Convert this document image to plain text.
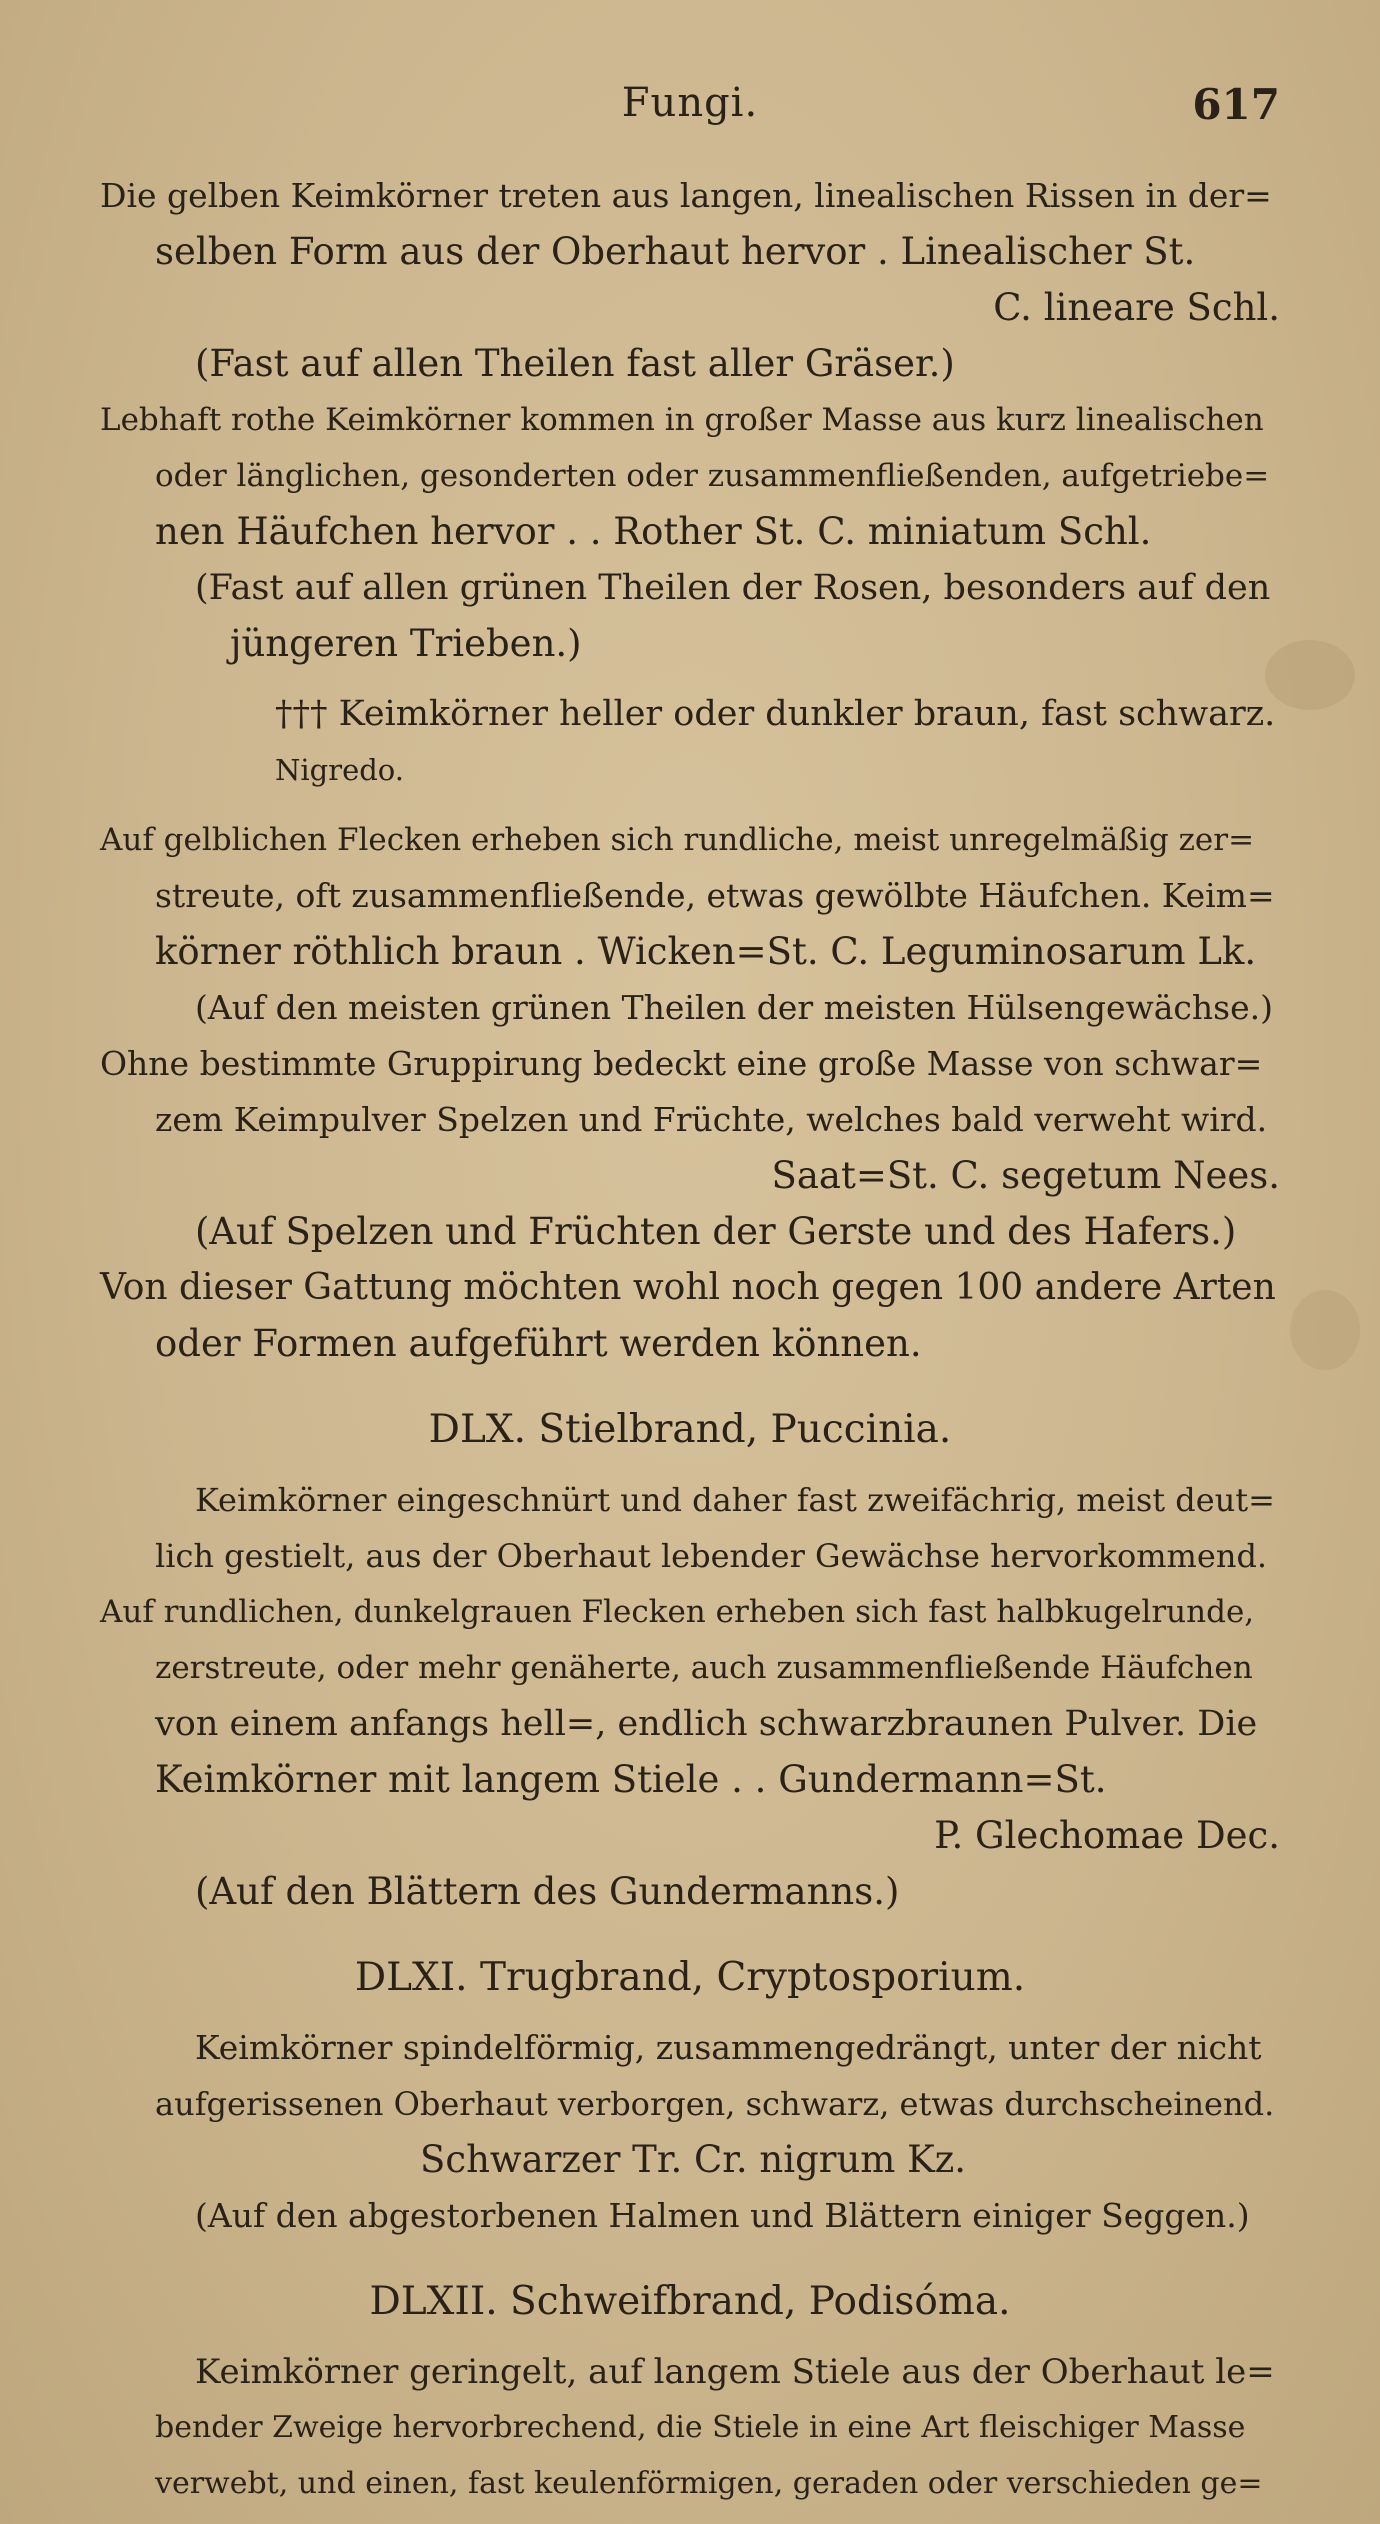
Fungi.	617
Die gelben Keimkörner treten aus langen, linealischen Rissen in der=
selben Form aus der Oberhaut hervor . Linealischer St.
C. lineare Schl.
(Fast auf allen Theilen fast aller Gräser.)
Lebhaft rothe Keimkörner kommen in großer Masse aus kurz linealischen
oder länglichen, gesonderten oder zusammenfließenden, aufgetriebe=
nen Häufchen hervor . . Rother St. C. miniatum Schl.
(Fast auf allen grünen Theilen der Rosen, besonders auf den
jüngeren Trieben.)
††† Keimkörner heller oder dunkler braun, fast schwarz.
Nigredo.
Auf gelblichen Flecken erheben sich rundliche, meist unregelmäßig zer=
streute, oft zusammenfließende, etwas gewölbte Häufchen. Keim=
körner röthlich braun . Wicken=St. C. Leguminosarum Lk.
(Auf den meisten grünen Theilen der meisten Hülsengewächse.)
Ohne bestimmte Gruppirung bedeckt eine große Masse von schwar=
zem Keimpulver Spelzen und Früchte, welches bald verweht wird.
Saat=St. C. segetum Nees.
(Auf Spelzen und Früchten der Gerste und des Hafers.)
Von dieser Gattung möchten wohl noch gegen 100 andere Arten
oder Formen aufgeführt werden können.
DLX. Stielbrand, Puccinia.
Keimkörner eingeschnürt und daher fast zweifächrig, meist deut=
lich gestielt, aus der Oberhaut lebender Gewächse hervorkommend.
Auf rundlichen, dunkelgrauen Flecken erheben sich fast halbkugelrunde,
zerstreute, oder mehr genäherte, auch zusammenfließende Häufchen
von einem anfangs hell=, endlich schwarzbraunen Pulver. Die
Keimkörner mit langem Stiele . . Gundermann=St.
P. Glechomae Dec.
(Auf den Blättern des Gundermanns.)
DLXI. Trugbrand, Cryptosporium.
Keimkörner spindelförmig, zusammengedrängt, unter der nicht
aufgerissenen Oberhaut verborgen, schwarz, etwas durchscheinend.
Schwarzer Tr. Cr. nigrum Kz.
(Auf den abgestorbenen Halmen und Blättern einiger Seggen.)
DLXII. Schweifbrand, Podisóma.
Keimkörner geringelt, auf langem Stiele aus der Oberhaut le=
bender Zweige hervorbrechend, die Stiele in eine Art fleischiger Masse
verwebt, und einen, fast keulenförmigen, geraden oder verschieden ge=
